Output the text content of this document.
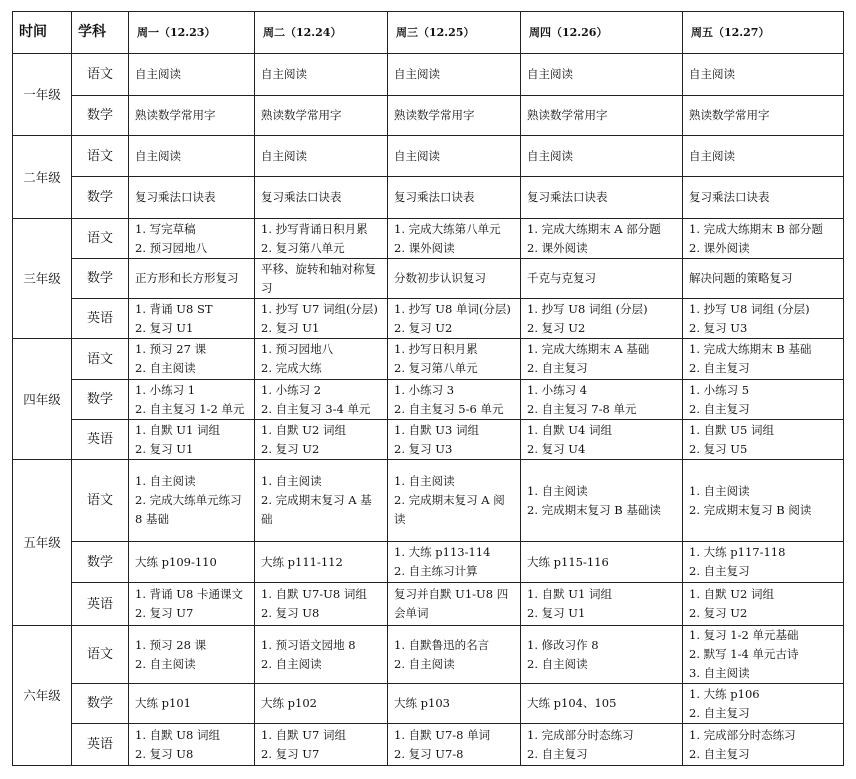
时间	学科	周一（12.23）	周二（12.24）	周三（12.25）	周四（12.26）	周五（12.27）
一年级	语文	自主阅读	自主阅读	自主阅读	自主阅读	自主阅读

	数学	熟读数学常用字	熟读数学常用字	熟读数学常用字	熟读数学常用字	熟读数学常用字

二年级	语文	自主阅读	自主阅读	自主阅读	自主阅读	自主阅读

	数学	复习乘法口诀表	复习乘法口诀表	复习乘法口诀表	复习乘法口诀表	复习乘法口诀表

三年级	语文	1. 写完草稿
2. 预习园地八	1. 抄写背诵日积月累
2. 复习第八单元	1. 完成大练第八单元
2. 课外阅读	1. 完成大练期末 A 部分题
2. 课外阅读	1. 完成大练期末 B 部分题
2. 课外阅读

	数学	正方形和长方形复习	平移、旋转和轴对称复习	分数初步认识复习	千克与克复习	解决问题的策略复习

	英语	1. 背诵 U8 ST
2. 复习 U1	1. 抄写 U7 词组(分层)
2. 复习 U1	1. 抄写 U8 单词(分层)
2. 复习 U2	1. 抄写 U8 词组 (分层)
2. 复习 U2	1. 抄写 U8 词组 (分层)
2. 复习 U3

四年级	语文	1. 预习 27 课
2. 自主阅读	1. 预习园地八
2. 完成大练	1. 抄写日积月累
2. 复习第八单元	1. 完成大练期末 A 基础
2. 自主复习	1. 完成大练期末 B 基础
2. 自主复习

	数学	1. 小练习 1
2. 自主复习 1-2 单元	1. 小练习 2
2. 自主复习 3-4 单元	1. 小练习 3
2. 自主复习 5-6 单元	1. 小练习 4
2. 自主复习 7-8 单元	1. 小练习 5
2. 自主复习

	英语	1. 自默 U1 词组
2. 复习 U1	1. 自默 U2 词组
2. 复习 U2	1. 自默 U3 词组
2. 复习 U3	1. 自默 U4 词组
2. 复习 U4	1. 自默 U5 词组
2. 复习 U5

五年级	语文	1. 自主阅读
2. 完成大练单元练习 8 基础	1. 自主阅读
2. 完成期末复习 A 基础	1. 自主阅读
2. 完成期末复习 A 阅读	1. 自主阅读
2. 完成期末复习 B 基础读	1. 自主阅读
2. 完成期末复习 B 阅读

	数学	大练 p109-110	大练 p111-112	1. 大练 p113-114
2. 自主练习计算	大练 p115-116	1. 大练 p117-118
2. 自主复习

	英语	1. 背诵 U8 卡通课文
2. 复习 U7	1. 自默 U7-U8 词组
2. 复习 U8	复习并自默 U1-U8 四会单词	1. 自默 U1 词组
2. 复习 U1	1. 自默 U2 词组
2. 复习 U2

六年级	语文	1. 预习 28 课
2. 自主阅读	1. 预习语文园地 8
2. 自主阅读	1. 自默鲁迅的名言
2. 自主阅读	1. 修改习作 8
2. 自主阅读	1. 复习 1-2 单元基础
2. 默写 1-4 单元古诗
3. 自主阅读

	数学	大练 p101	大练 p102	大练 p103	大练 p104、105	1. 大练 p106
2. 自主复习

	英语	1. 自默 U8 词组
2. 复习 U8	1. 自默 U7 词组
2. 复习 U7	1. 自默 U7-8 单词
2. 复习 U7-8	1. 完成部分时态练习
2. 自主复习	1. 完成部分时态练习
2. 自主复习
